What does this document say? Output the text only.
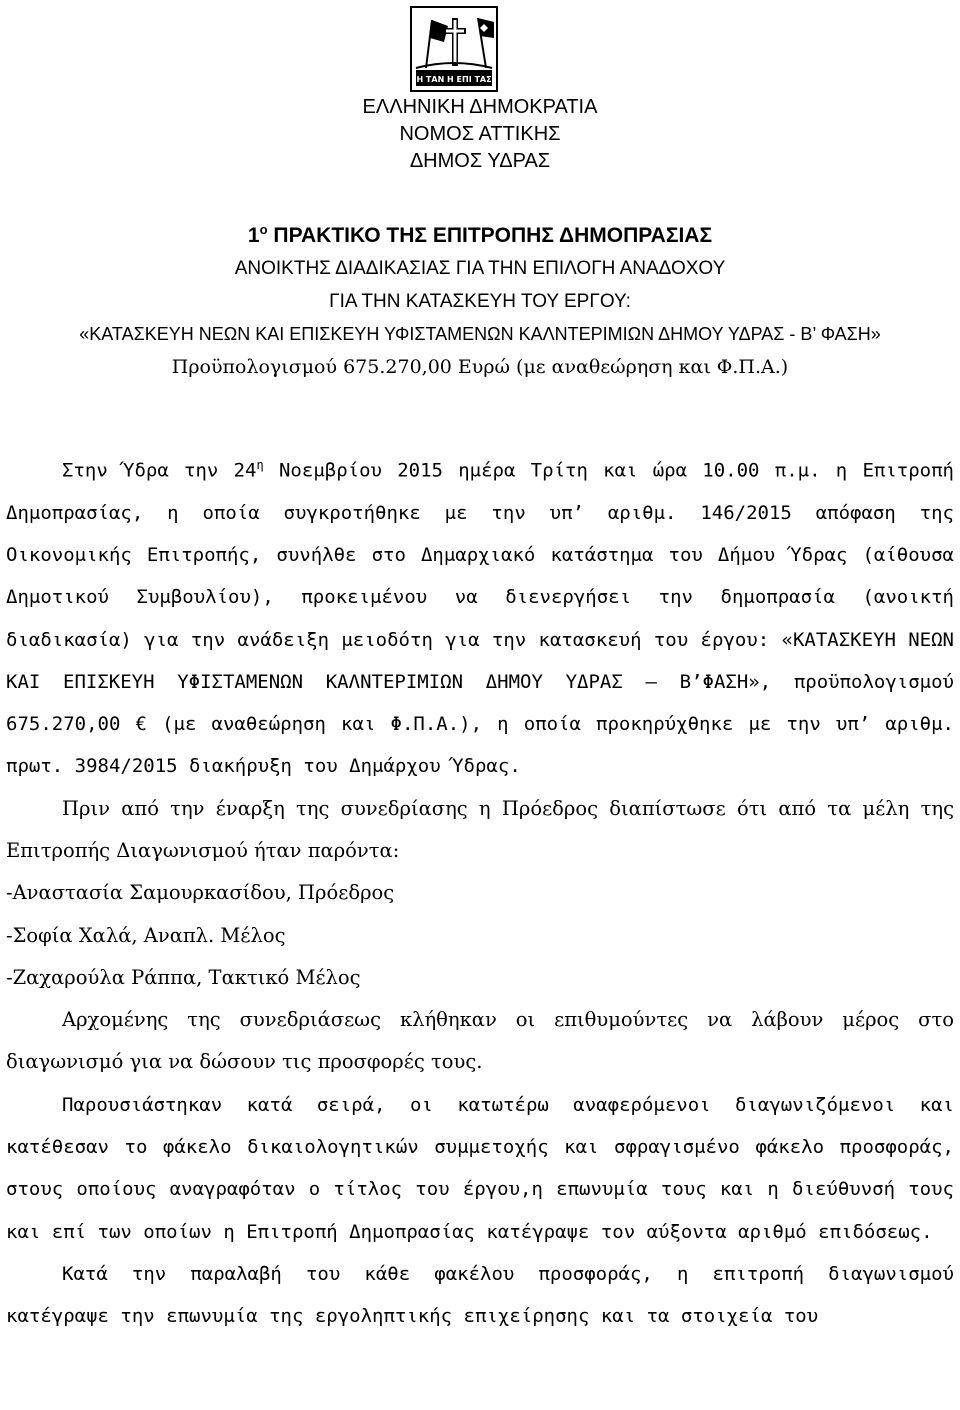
Η ΤΑΝ Η ΕΠΙ ΤΑΣ
ΕΛΛΗΝΙΚΗ ΔΗΜΟΚΡΑΤΙΑ
ΝΟΜΟΣ ΑΤΤΙΚΗΣ
ΔΗΜΟΣ ΥΔΡΑΣ
$1^o$ ΠΡΑΚΤΙΚΟ ΤΗΣ ΕΠΙΤΡΟΠΗΣ ΔΗΜΟΠΡΑΣΙΑΣ
ΑΝΟΙΚΤΗΣ ΔΙΑΔΙΚΑΣΙΑΣ ΓΙΑ ΤΗΝ ΕΠΙΛΟΓΗ ΑΝΑΔΟΧΟΥ
ΓΙΑ ΤΗΝ ΚΑΤΑΣΚΕΥΗ ΤΟΥ ΕΡΓΟΥ:
«ΚΑΤΑΣΚΕΥΗ ΝΕΩΝ ΚΑΙ ΕΠΙΣΚΕΥΗ ΥΦΙΣΤΑΜΕΝΩΝ ΚΑΛΝΤΕΡΙΜΙΩΝ ΔΗΜΟΥ ΥΔΡΑΣ - Β’ ΦΑΣΗ»
Προϋπολογισμού 675.270,00 Ευρώ (με αναθεώρηση και Φ.Π.Α.)

Στην Ύδρα την $24^\eta$ Νοεμβρίου 2015 ημέρα Τρίτη και ώρα 10.00 π.μ. η Επιτροπή Δημοπρασίας, η οποία συγκροτήθηκε με την υπ’ αριθμ. 146/2015 απόφαση της Οικονομικής Επιτροπής, συνήλθε στο Δημαρχιακό κατάστημα του Δήμου Ύδρας (αίθουσα Δημοτικού Συμβουλίου), προκειμένου να διενεργήσει την δημοπρασία (ανοικτή διαδικασία) για την ανάδειξη μειοδότη για την κατασκευή του έργου: «ΚΑΤΑΣΚΕΥΗ ΝΕΩΝ ΚΑΙ ΕΠΙΣΚΕΥΗ ΥΦΙΣΤΑΜΕΝΩΝ ΚΑΛΝΤΕΡΙΜΙΩΝ ΔΗΜΟΥ ΥΔΡΑΣ – Β’ΦΑΣΗ», προϋπολογισμού 675.270,00 € (με αναθεώρηση και Φ.Π.Α.), η οποία προκηρύχθηκε με την υπ’ αριθμ. πρωτ. 3984/2015 διακήρυξη του Δημάρχου Ύδρας.

Πριν από την έναρξη της συνεδρίασης η Πρόεδρος διαπίστωσε ότι από τα μέλη της Επιτροπής Διαγωνισμού ήταν παρόντα:

-Αναστασία Σαμουρκασίδου, Πρόεδρος

-Σοφία Χαλά, Αναπλ. Μέλος

-Ζαχαρούλα Ράππα, Τακτικό Μέλος

Αρχομένης της συνεδριάσεως κλήθηκαν οι επιθυμούντες να λάβουν μέρος στο διαγωνισμό για να δώσουν τις προσφορές τους.

Παρουσιάστηκαν κατά σειρά, οι κατωτέρω αναφερόμενοι διαγωνιζόμενοι και κατέθεσαν το φάκελο δικαιολογητικών συμμετοχής και σφραγισμένο φάκελο προσφοράς, στους οποίους αναγραφόταν ο τίτλος του έργου,η επωνυμία τους και η διεύθυνσή τους και επί των οποίων η Επιτροπή Δημοπρασίας κατέγραψε τον αύξοντα αριθμό επιδόσεως.

Κατά την παραλαβή του κάθε φακέλου προσφοράς, η επιτροπή διαγωνισμού κατέγραψε την επωνυμία της εργοληπτικής επιχείρησης και τα στοιχεία του
